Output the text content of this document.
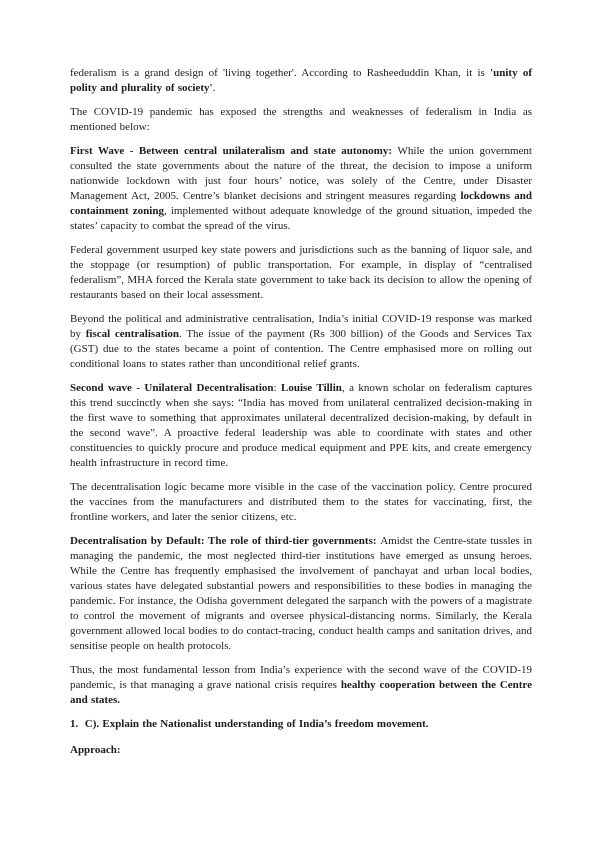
federalism is a grand design of 'living together'. According to Rasheeduddin Khan, it is 'unity of polity and plurality of society'.

The COVID-19 pandemic has exposed the strengths and weaknesses of federalism in India as mentioned below:

First Wave - Between central unilateralism and state autonomy: While the union government consulted the state governments about the nature of the threat, the decision to impose a uniform nationwide lockdown with just four hours’ notice, was solely of the Centre, under Disaster Management Act, 2005. Centre’s blanket decisions and stringent measures regarding lockdowns and containment zoning, implemented without adequate knowledge of the ground situation, impeded the states’ capacity to combat the spread of the virus.

Federal government usurped key state powers and jurisdictions such as the banning of liquor sale, and the stoppage (or resumption) of public transportation. For example, in display of “centralised federalism”, MHA forced the Kerala state government to take back its decision to allow the opening of restaurants based on their local assessment.

Beyond the political and administrative centralisation, India’s initial COVID-19 response was marked by fiscal centralisation. The issue of the payment (Rs 300 billion) of the Goods and Services Tax (GST) due to the states became a point of contention. The Centre emphasised more on rolling out conditional loans to states rather than unconditional relief grants.

Second wave - Unilateral Decentralisation: Louise Tillin, a known scholar on federalism captures this trend succinctly when she says: “India has moved from unilateral centralized decision-making in the first wave to something that approximates unilateral decentralized decision-making, by default in the second wave”. A proactive federal leadership was able to coordinate with states and other constituencies to quickly procure and produce medical equipment and PPE kits, and create emergency health infrastructure in record time.

The decentralisation logic became more visible in the case of the vaccination policy. Centre procured the vaccines from the manufacturers and distributed them to the states for vaccinating, first, the frontline workers, and later the senior citizens, etc.

Decentralisation by Default: The role of third-tier governments: Amidst the Centre-state tussles in managing the pandemic, the most neglected third-tier institutions have emerged as unsung heroes. While the Centre has frequently emphasised the involvement of panchayat and urban local bodies, various states have delegated substantial powers and responsibilities to these bodies in managing the pandemic. For instance, the Odisha government delegated the sarpanch with the powers of a magistrate to control the movement of migrants and oversee physical-distancing norms. Similarly, the Kerala government allowed local bodies to do contact-tracing, conduct health camps and sanitation drives, and sensitise people on health protocols.

Thus, the most fundamental lesson from India’s experience with the second wave of the COVID-19 pandemic, is that managing a grave national crisis requires healthy cooperation between the Centre and states.

1.  C). Explain the Nationalist understanding of India’s freedom movement.

Approach:
